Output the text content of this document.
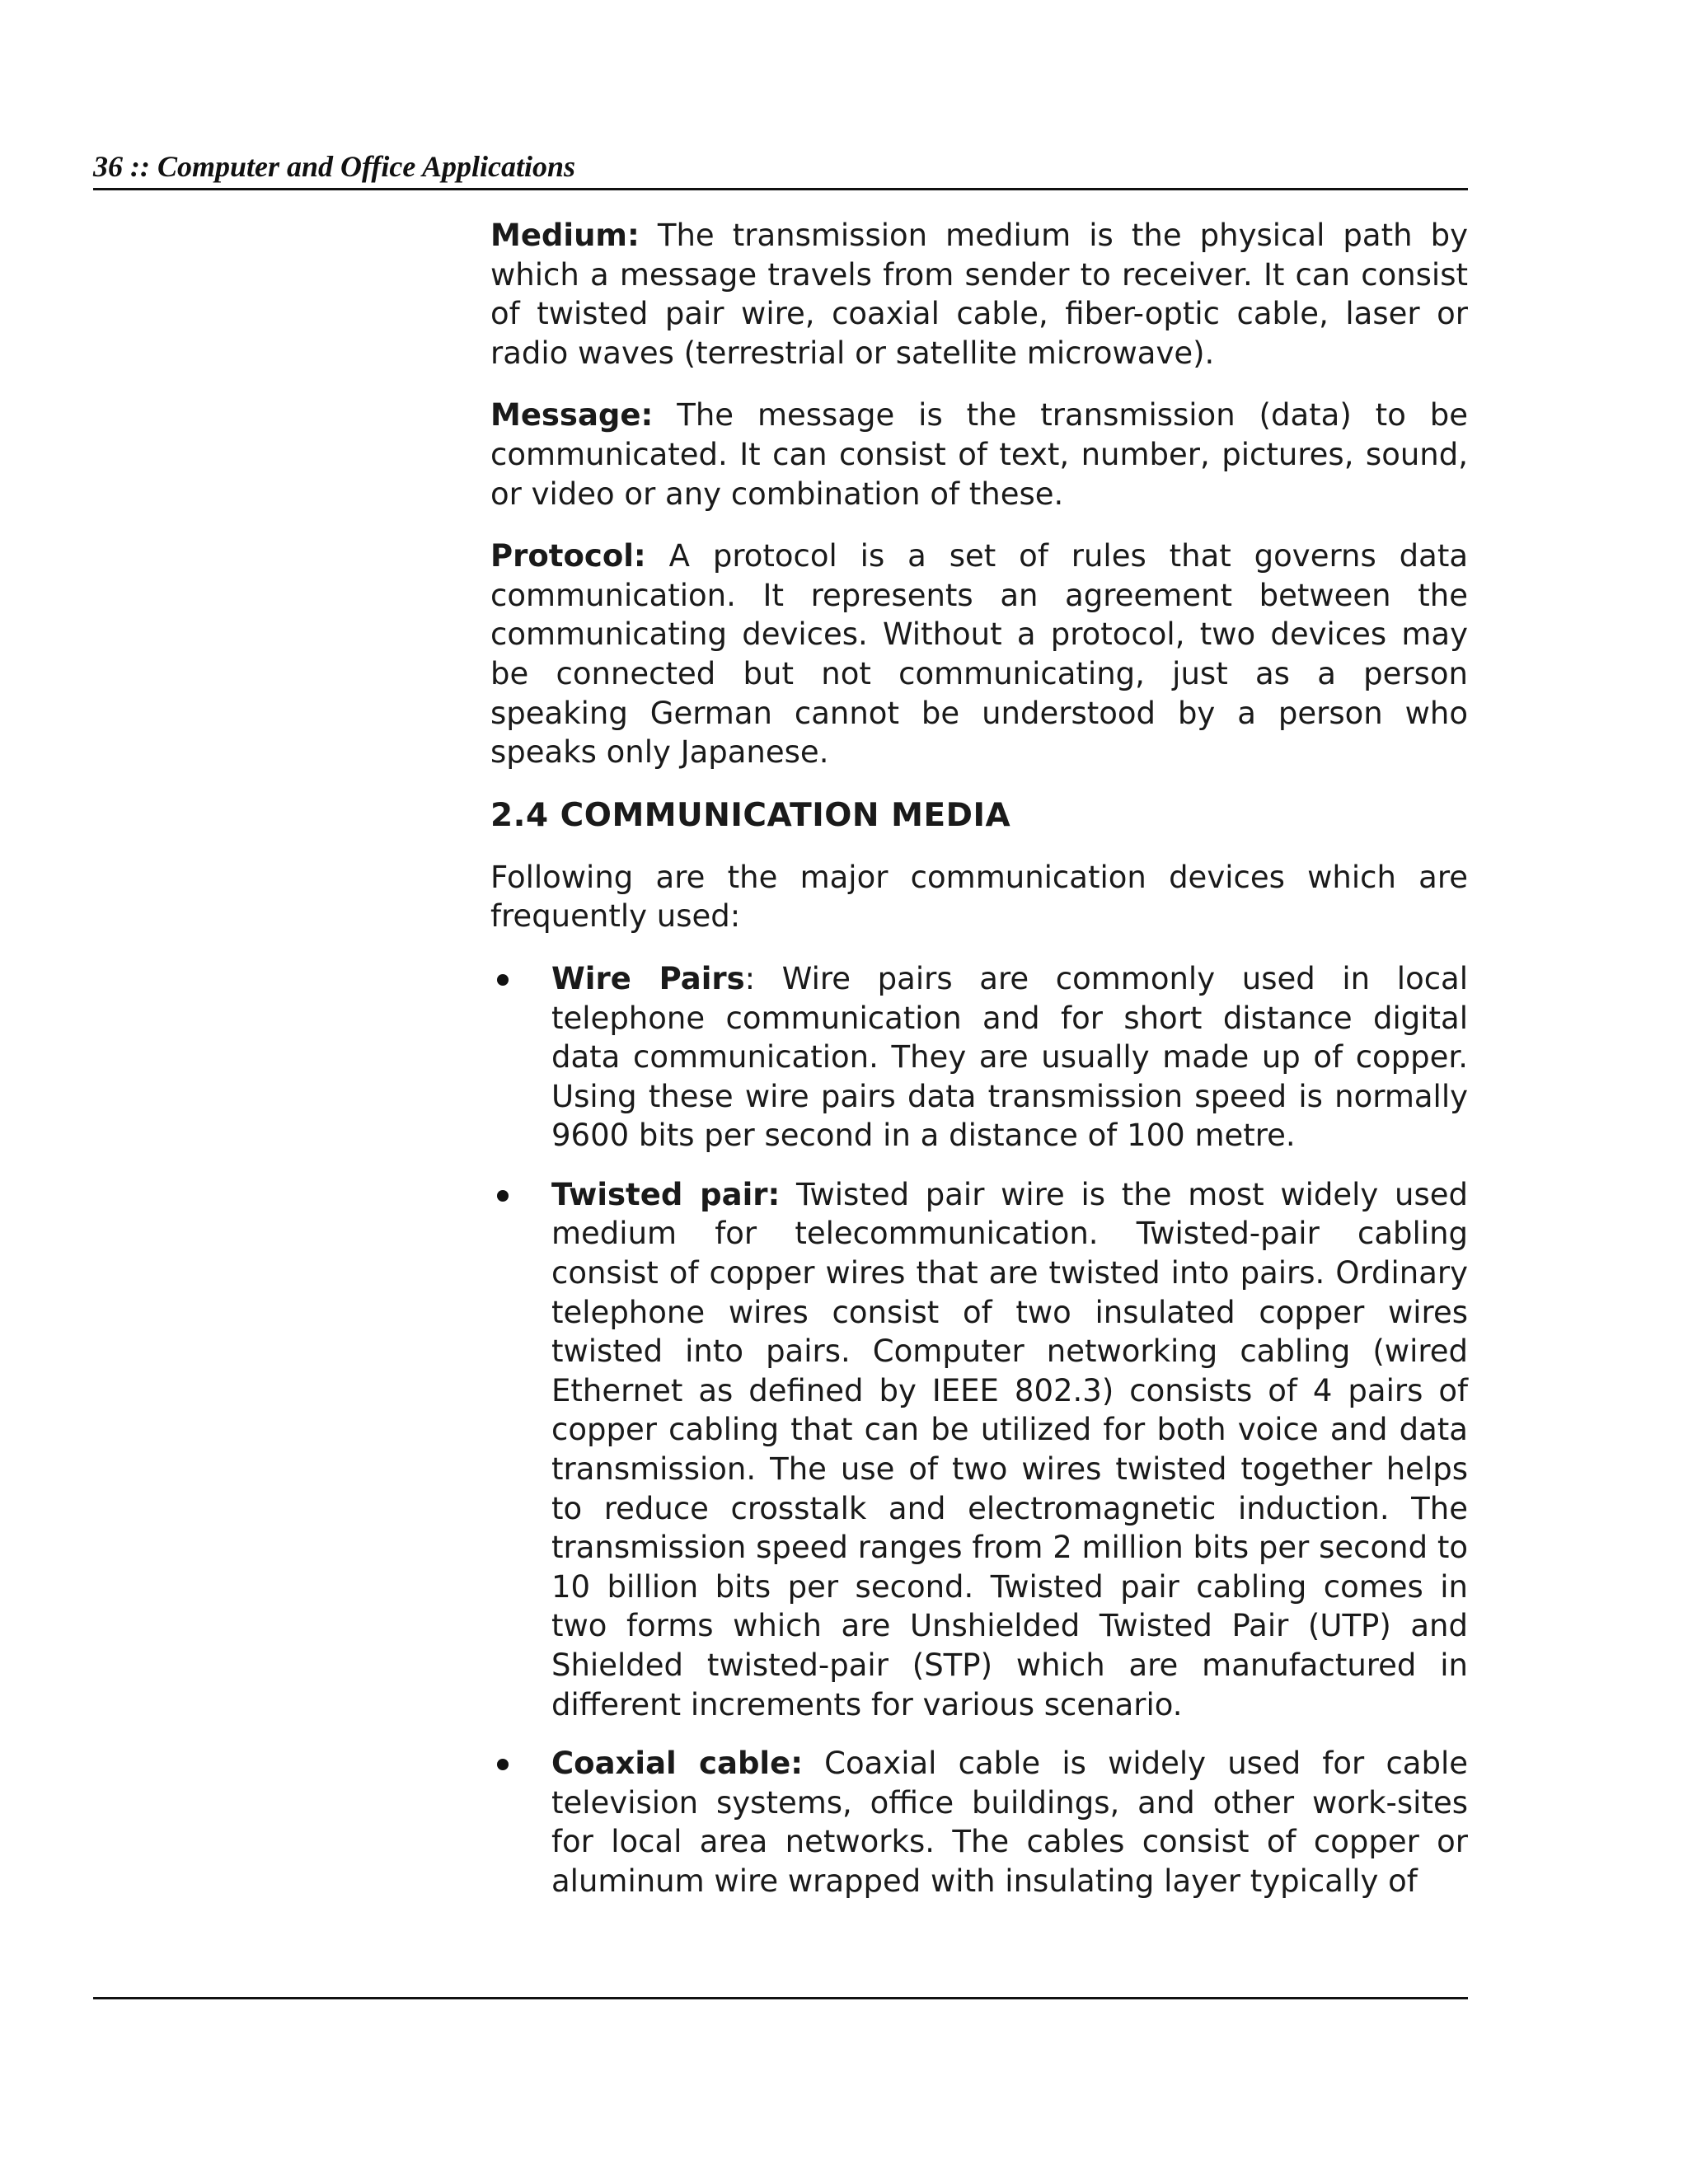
36 :: Computer and Office Applications

Medium: The transmission medium is the physical path by which a message travels from sender to receiver. It can consist of twisted pair wire, coaxial cable, fiber-optic cable, laser or radio waves (terrestrial or satellite microwave).

Message: The message is the transmission (data) to be communicated. It can consist of text, number, pictures, sound, or video or any combination of these.

Protocol: A protocol is a set of rules that governs data communication. It represents an agreement between the communicating devices. Without a protocol, two devices may be connected but not communicating, just as a person speaking German cannot be understood by a person who speaks only Japanese.

2.4 COMMUNICATION MEDIA

Following are the major communication devices which are frequently used:

Wire Pairs: Wire pairs are commonly used in local telephone communication and for short distance digital data communication. They are usually made up of copper. Using these wire pairs data transmission speed is normally 9600 bits per second in a distance of 100 metre.
Twisted pair: Twisted pair wire is the most widely used medium for telecommunication. Twisted-pair cabling consist of copper wires that are twisted into pairs. Ordinary telephone wires consist of two insulated copper wires twisted into pairs. Computer networking cabling (wired Ethernet as defined by IEEE 802.3) consists of 4 pairs of copper cabling that can be utilized for both voice and data transmission. The use of two wires twisted together helps to reduce crosstalk and electromagnetic induction. The transmission speed ranges from 2 million bits per second to 10 billion bits per second. Twisted pair cabling comes in two forms which are Unshielded Twisted Pair (UTP) and Shielded twisted-pair (STP) which are manufactured in different increments for various scenario.
Coaxial cable: Coaxial cable is widely used for cable television systems, office buildings, and other work-sites for local area networks. The cables consist of copper or aluminum wire wrapped with insulating layer typically of
